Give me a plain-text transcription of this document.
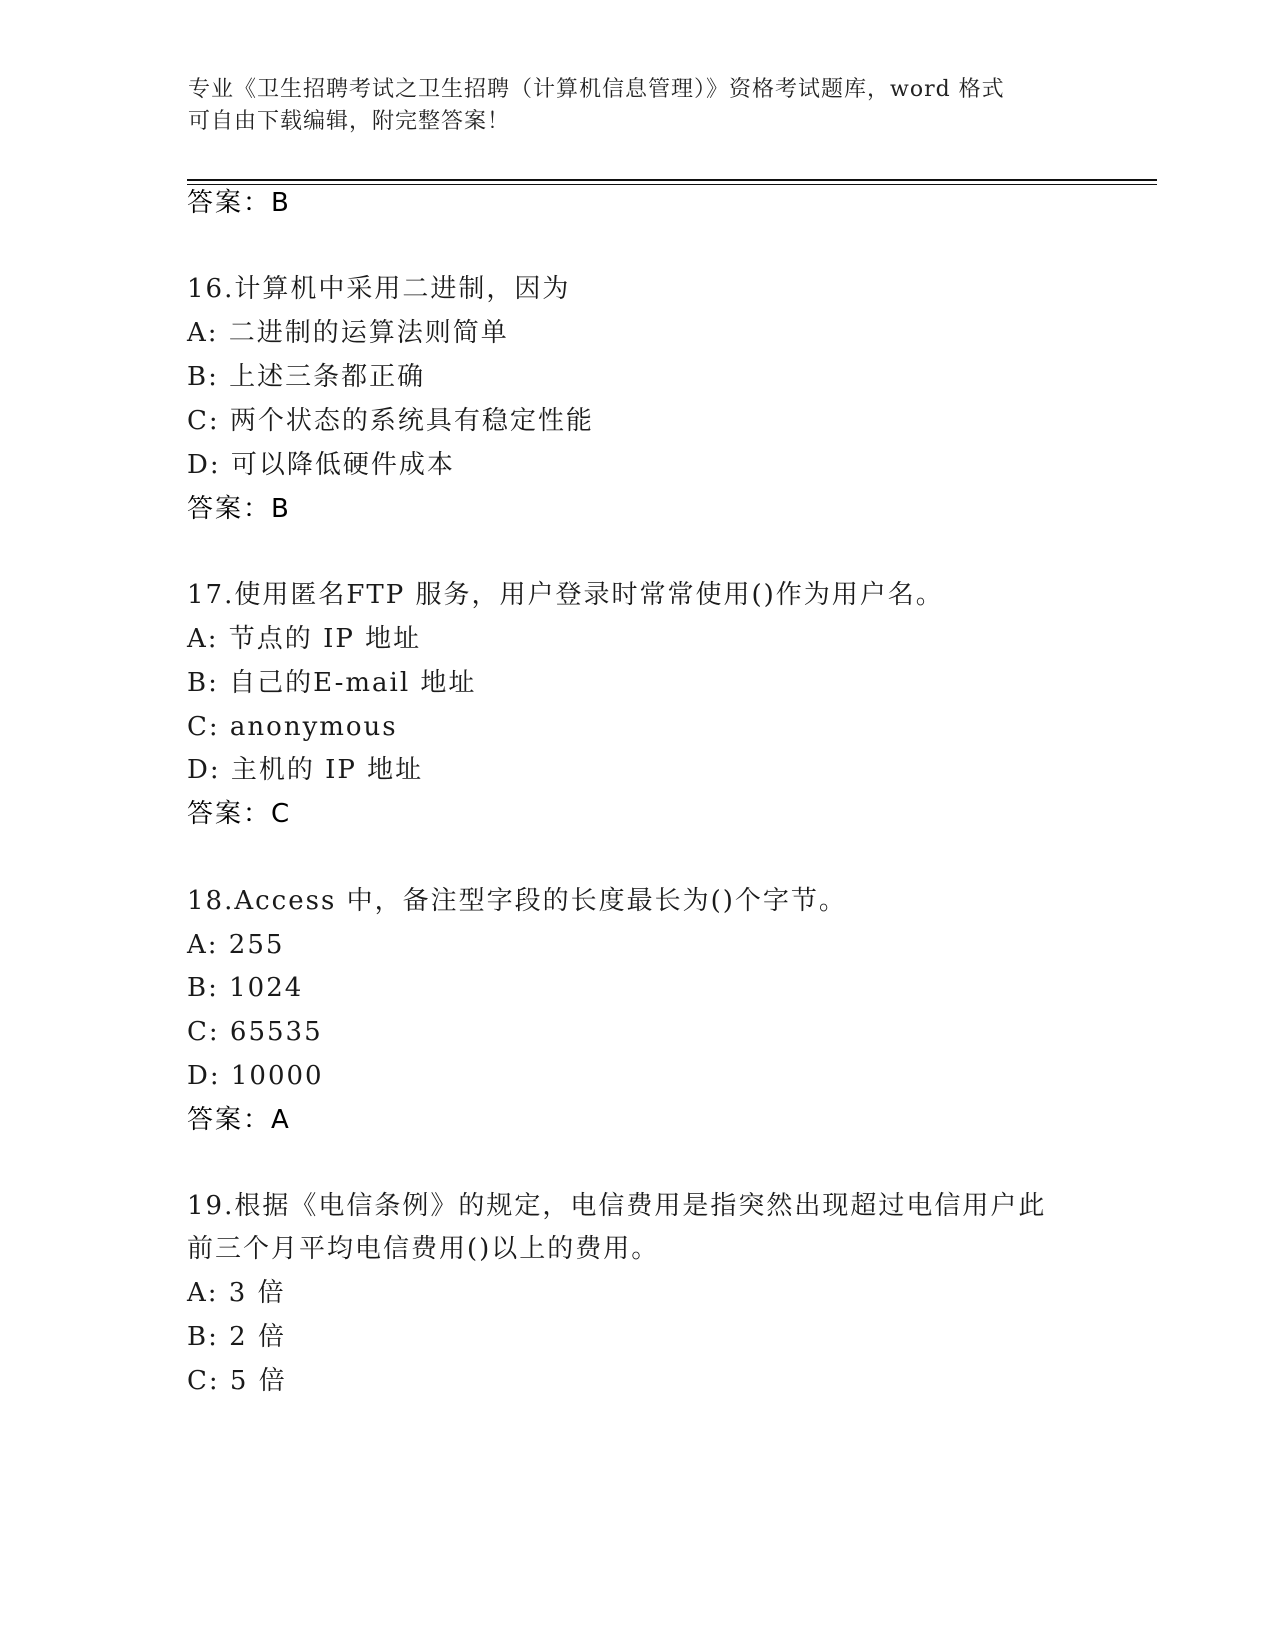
专业《卫生招聘考试之卫生招聘（计算机信息管理）》资格考试题库，word 格式
可自由下载编辑，附完整答案！
答案：B
16.计算机中采用二进制，因为
A: 二进制的运算法则简单
B: 上述三条都正确
C: 两个状态的系统具有稳定性能
D: 可以降低硬件成本
答案：B
17.使用匿名FTP 服务，用户登录时常常使用()作为用户名。
A: 节点的 IP 地址
B: 自己的E-mail 地址
C: anonymous
D: 主机的 IP 地址
答案：C
18.Access 中，备注型字段的长度最长为()个字节。
A: 255
B: 1024
C: 65535
D: 10000
答案：A
19.根据《电信条例》的规定，电信费用是指突然出现超过电信用户此
前三个月平均电信费用()以上的费用。
A: 3 倍
B: 2 倍
C: 5 倍
